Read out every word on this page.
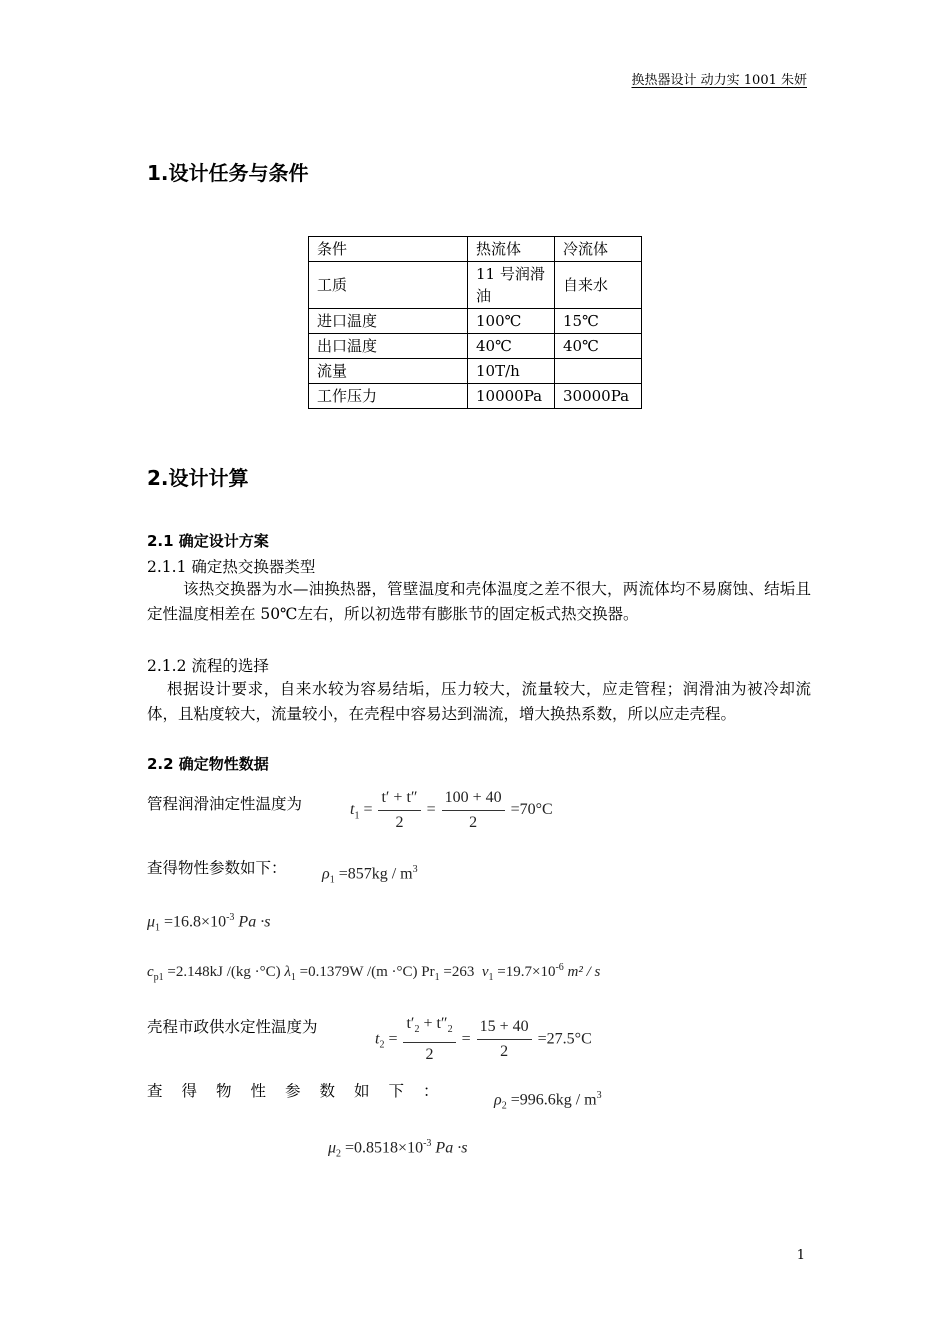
换热器设计 动力实 1001 朱妍
1.设计任务与条件
条件	热流体	冷流体
工质	11 号润滑油	自来水
进口温度	100℃	15℃
出口温度	40℃	40℃
流量	10T/h	
工作压力	10000Pa	30000Pa
2.设计计算
2.1 确定设计方案
2.1.1 确定热交换器类型
该热交换器为水—油换热器，管壁温度和壳体温度之差不很大，两流体均不易腐蚀、结垢且定性温度相差在 50℃左右，所以初选带有膨胀节的固定板式热交换器。
2.1.2 流程的选择
根据设计要求，自来水较为容易结垢，压力较大，流量较大，应走管程；润滑油为被冷却流体，且粘度较大，流量较小，在壳程中容易达到湍流，增大换热系数，所以应走壳程。
2.2 确定物性数据
管程润滑油定性温度为	$t_1 = \frac{t' + t''}{2} = \frac{100 + 40}{2} =70^\circ C$
查得物性参数如下： $\rho_1 =857kg / m^3$
$\mu_1 =16.8\times 10^{-3}$ Pa ·s
$c_{p1} =2.148kJ$ /(kg ·°C) $\lambda_1 =0.1379W$ /(m ·°C) $Pr_1 =263$ $\nu_1 =19.7\times 10^{-6}$ m² / s
壳程市政供水定性温度为
$t_2 = \frac{t'_2 + t''_2}{2} = \frac{15 + 40}{2} =27.5^\circ C$
查得物性参数如下： $\rho_2 =996.6kg / m^3$
$\mu_2 =0.8518\times 10^{-3}$ Pa ·s
1
